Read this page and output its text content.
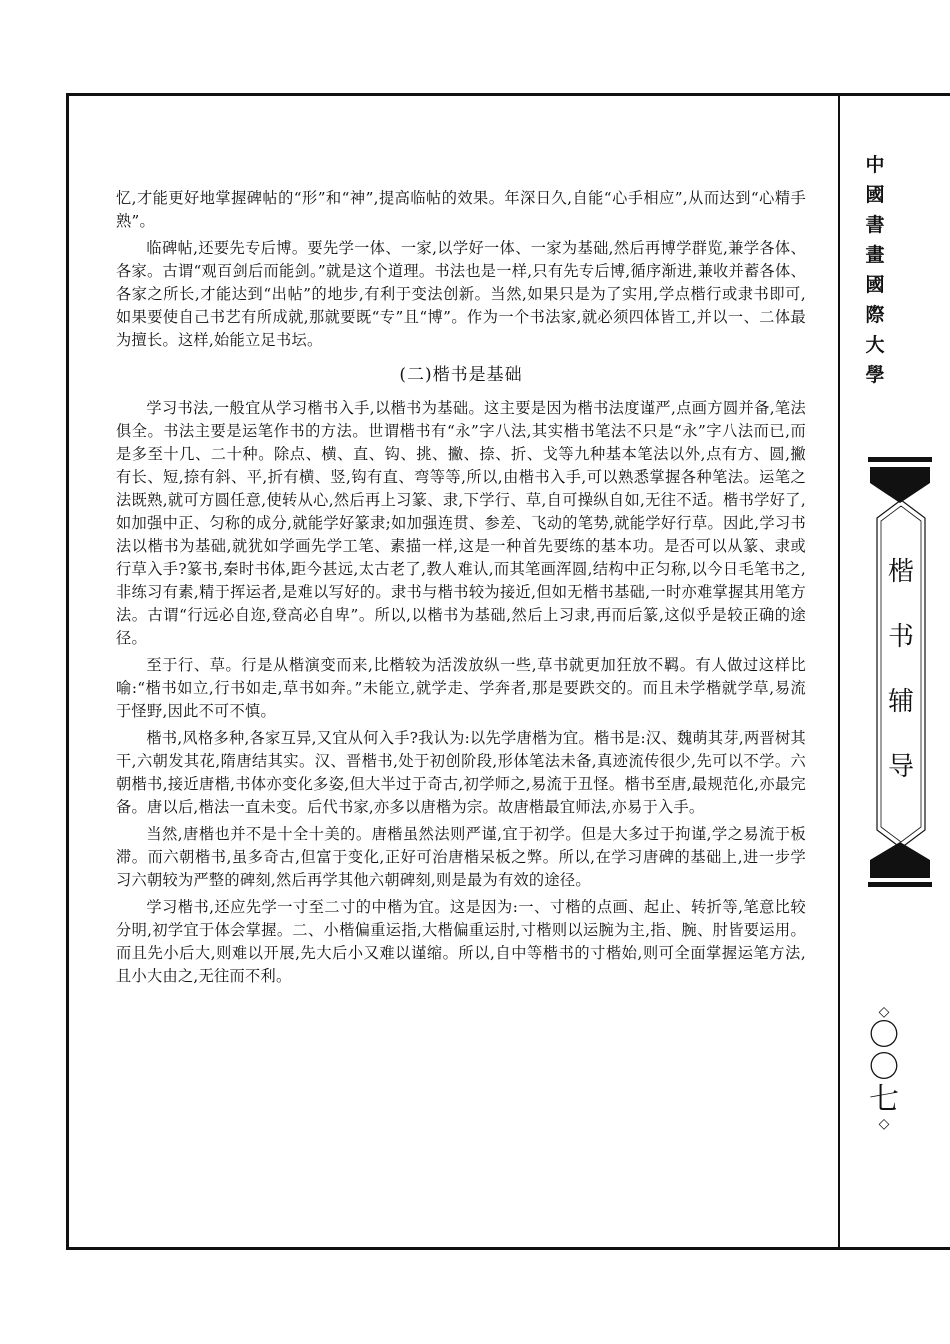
忆,才能更好地掌握碑帖的“形”和“神”,提高临帖的效果。年深日久,自能“心手相应”,从而达到“心精手熟”。

临碑帖,还要先专后博。要先学一体、一家,以学好一体、一家为基础,然后再博学群览,兼学各体、各家。古谓“观百剑后而能剑。”就是这个道理。书法也是一样,只有先专后博,循序渐进,兼收并蓄各体、各家之所长,才能达到“出帖”的地步,有利于变法创新。当然,如果只是为了实用,学点楷行或隶书即可,如果要使自己书艺有所成就,那就要既“专”且“博”。作为一个书法家,就必须四体皆工,并以一、二体最为擅长。这样,始能立足书坛。

(二)楷书是基础

学习书法,一般宜从学习楷书入手,以楷书为基础。这主要是因为楷书法度谨严,点画方圆并备,笔法俱全。书法主要是运笔作书的方法。世谓楷书有“永”字八法,其实楷书笔法不只是“永”字八法而已,而是多至十几、二十种。除点、横、直、钩、挑、撇、捺、折、戈等九种基本笔法以外,点有方、圆,撇有长、短,捺有斜、平,折有横、竖,钩有直、弯等等,所以,由楷书入手,可以熟悉掌握各种笔法。运笔之法既熟,就可方圆任意,使转从心,然后再上习篆、隶,下学行、草,自可操纵自如,无往不适。楷书学好了,如加强中正、匀称的成分,就能学好篆隶;如加强连贯、参差、飞动的笔势,就能学好行草。因此,学习书法以楷书为基础,就犹如学画先学工笔、素描一样,这是一种首先要练的基本功。是否可以从篆、隶或行草入手?篆书,秦时书体,距今甚远,太古老了,教人难认,而其笔画浑圆,结构中正匀称,以今日毛笔书之,非练习有素,精于挥运者,是难以写好的。隶书与楷书较为接近,但如无楷书基础,一时亦难掌握其用笔方法。古谓“行远必自迩,登高必自卑”。所以,以楷书为基础,然后上习隶,再而后篆,这似乎是较正确的途径。

至于行、草。行是从楷演变而来,比楷较为活泼放纵一些,草书就更加狂放不羁。有人做过这样比喻:“楷书如立,行书如走,草书如奔。”未能立,就学走、学奔者,那是要跌交的。而且未学楷就学草,易流于怪野,因此不可不慎。

楷书,风格多种,各家互异,又宜从何入手?我认为:以先学唐楷为宜。楷书是:汉、魏萌其芽,两晋树其干,六朝发其花,隋唐结其实。汉、晋楷书,处于初创阶段,形体笔法未备,真迹流传很少,先可以不学。六朝楷书,接近唐楷,书体亦变化多姿,但大半过于奇古,初学师之,易流于丑怪。楷书至唐,最规范化,亦最完备。唐以后,楷法一直未变。后代书家,亦多以唐楷为宗。故唐楷最宜师法,亦易于入手。

当然,唐楷也并不是十全十美的。唐楷虽然法则严谨,宜于初学。但是大多过于拘谨,学之易流于板滞。而六朝楷书,虽多奇古,但富于变化,正好可治唐楷呆板之弊。所以,在学习唐碑的基础上,进一步学习六朝较为严整的碑刻,然后再学其他六朝碑刻,则是最为有效的途径。

学习楷书,还应先学一寸至二寸的中楷为宜。这是因为:一、寸楷的点画、起止、转折等,笔意比较分明,初学宜于体会掌握。二、小楷偏重运指,大楷偏重运肘,寸楷则以运腕为主,指、腕、肘皆要运用。而且先小后大,则难以开展,先大后小又难以谨缩。所以,自中等楷书的寸楷始,则可全面掌握运笔方法,且小大由之,无往而不利。

中
國
書
畫
國
際
大
學
楷
书
辅
导
◇
〇
〇
七
◇
